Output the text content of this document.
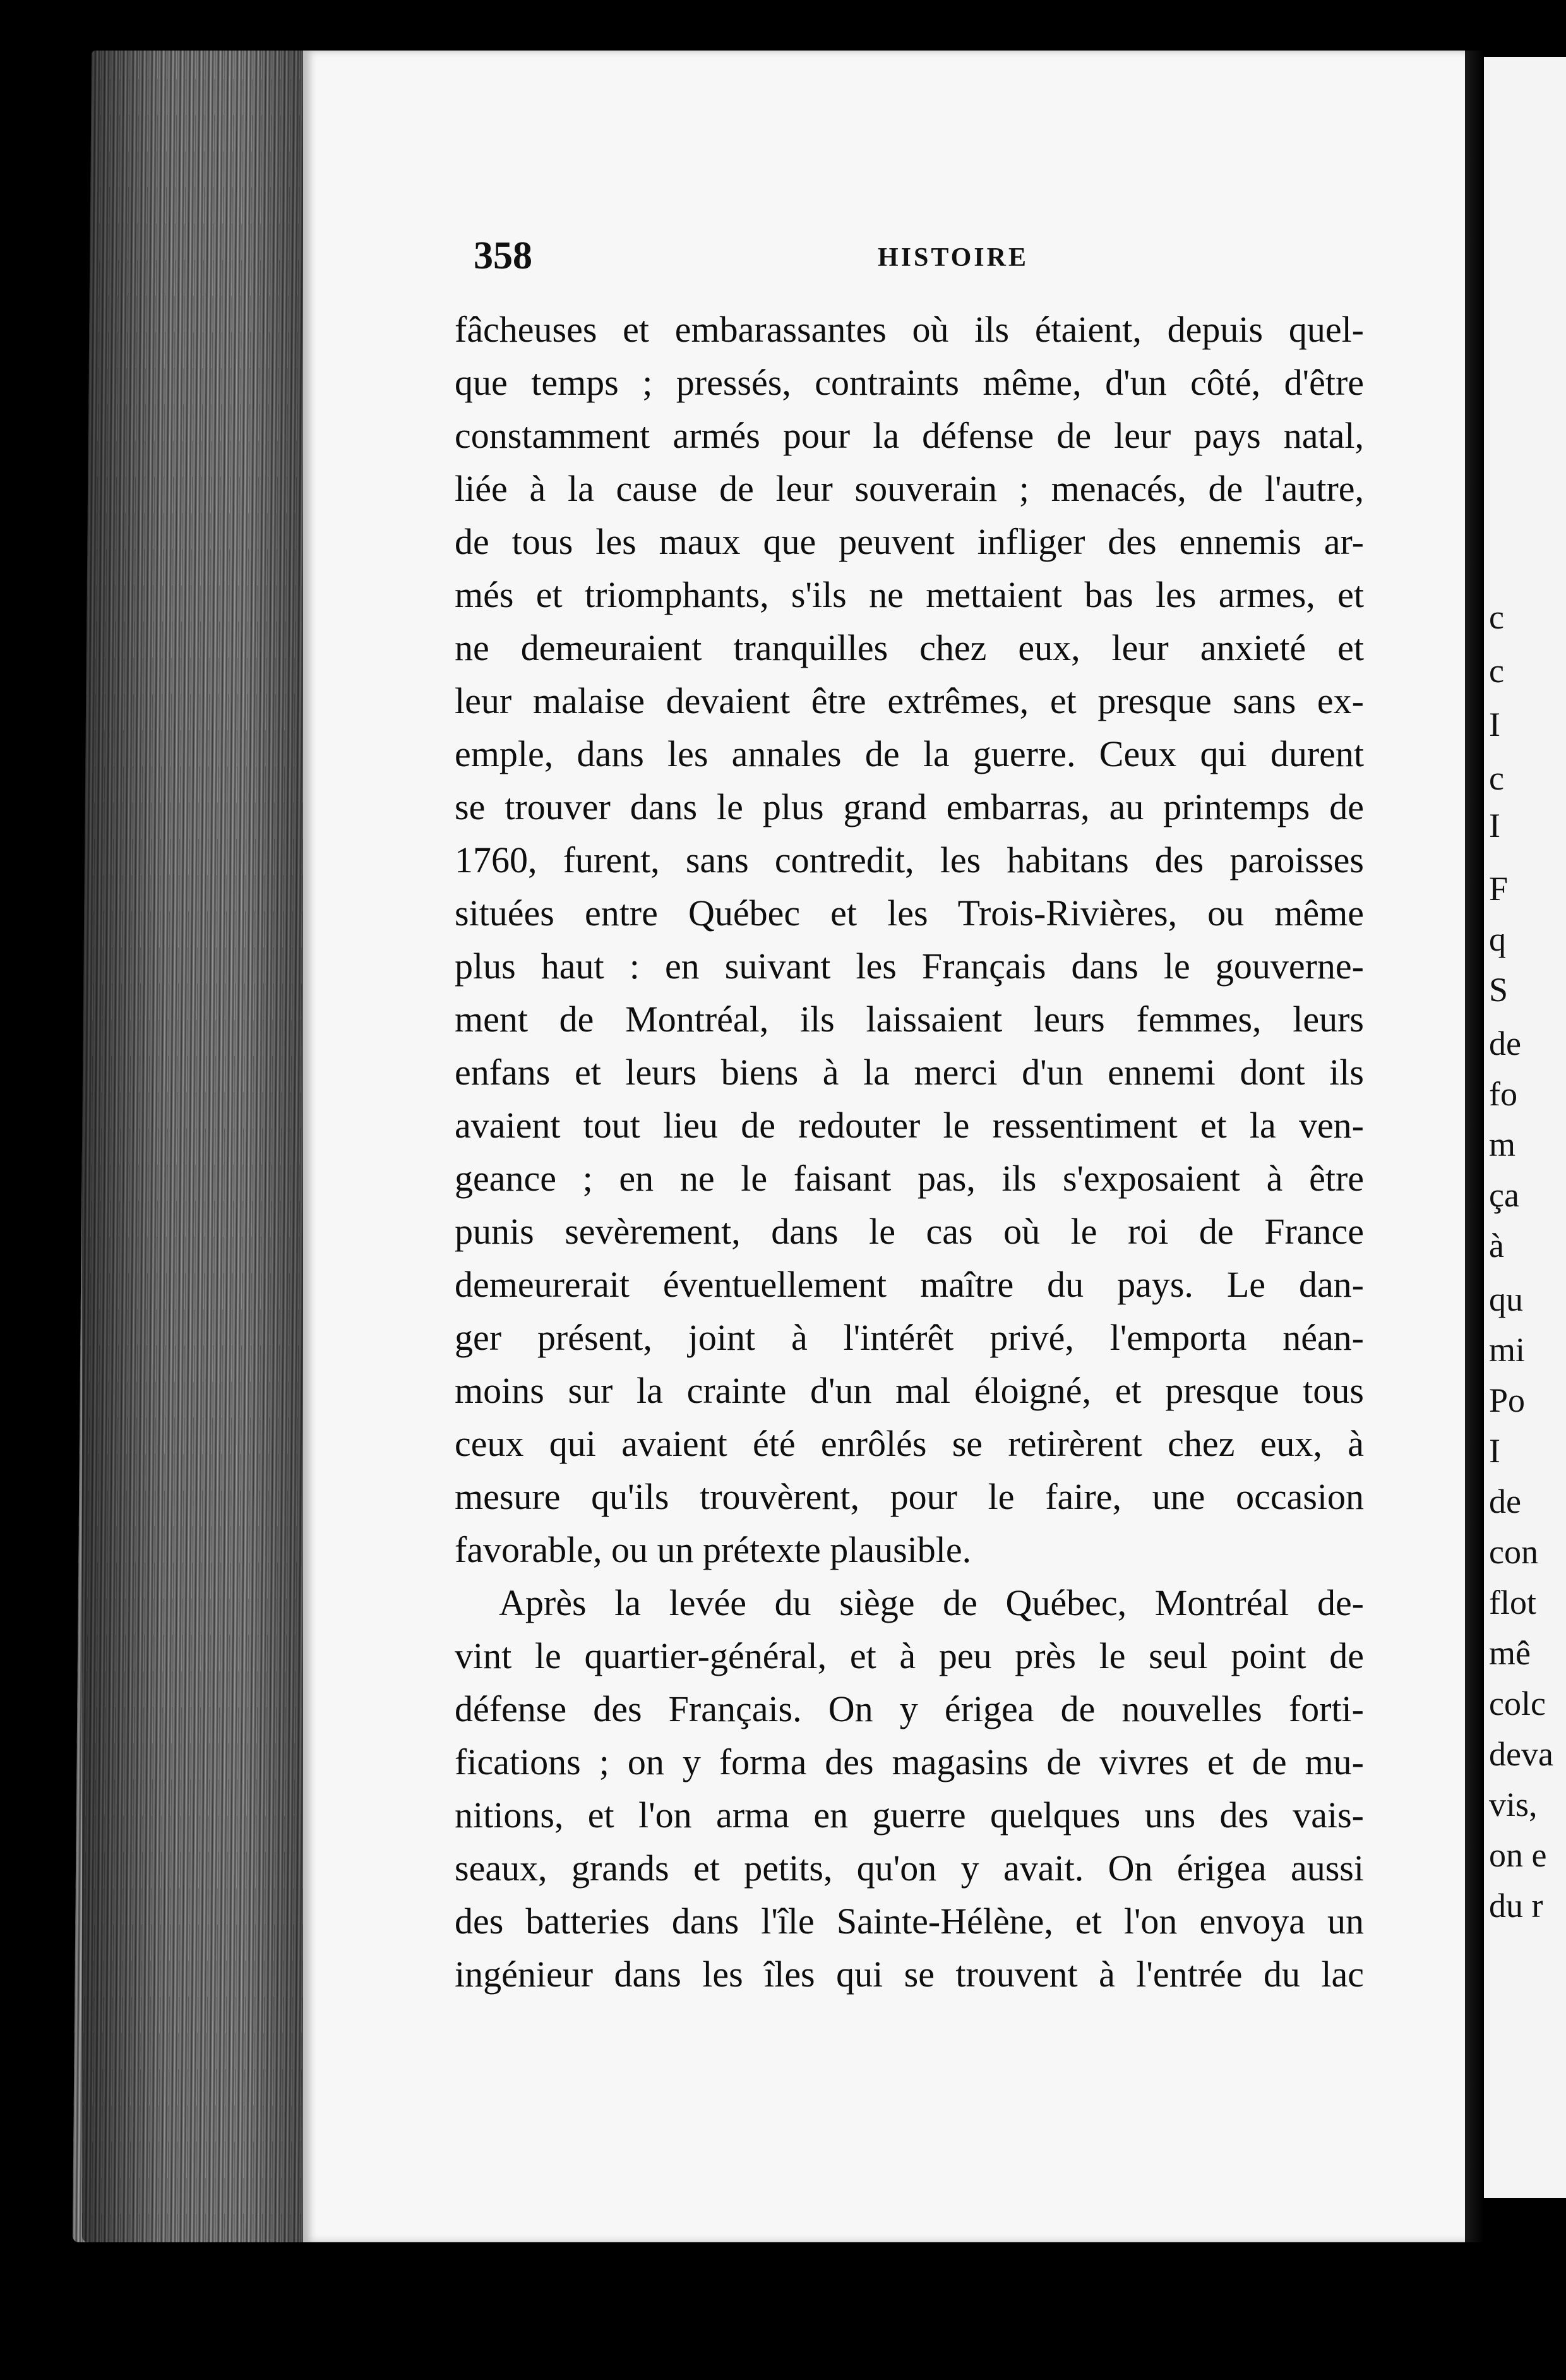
358	HISTOIRE
fâcheuses et embarassantes où ils étaient, depuis quel-
que temps ; pressés, contraints même, d'un côté, d'être
constamment armés pour la défense de leur pays natal,
liée à la cause de leur souverain ; menacés, de l'autre,
de tous les maux que peuvent infliger des ennemis ar-
més et triomphants, s'ils ne mettaient bas les armes, et
ne demeuraient tranquilles chez eux, leur anxieté et
leur malaise devaient être extrêmes, et presque sans ex-
emple, dans les annales de la guerre. Ceux qui durent
se trouver dans le plus grand embarras, au printemps de
1760, furent, sans contredit, les habitans des paroisses
situées entre Québec et les Trois-Rivières, ou même
plus haut : en suivant les Français dans le gouverne-
ment de Montréal, ils laissaient leurs femmes, leurs
enfans et leurs biens à la merci d'un ennemi dont ils
avaient tout lieu de redouter le ressentiment et la ven-
geance ; en ne le faisant pas, ils s'exposaient à être
punis sevèrement, dans le cas où le roi de France
demeurerait éventuellement maître du pays. Le dan-
ger présent, joint à l'intérêt privé, l'emporta néan-
moins sur la crainte d'un mal éloigné, et presque tous
ceux qui avaient été enrôlés se retirèrent chez eux, à
mesure qu'ils trouvèrent, pour le faire, une occasion
favorable, ou un prétexte plausible.
Après la levée du siège de Québec, Montréal de-
vint le quartier-général, et à peu près le seul point de
défense des Français. On y érigea de nouvelles forti-
fications ; on y forma des magasins de vivres et de mu-
nitions, et l'on arma en guerre quelques uns des vais-
seaux, grands et petits, qu'on y avait. On érigea aussi
des batteries dans l'île Sainte-Hélène, et l'on envoya un
ingénieur dans les îles qui se trouvent à l'entrée du lac
c
c
I
c
I
F
q
S
de
fo
m
ça
à
qu
mi
Po
I
de
con
flot
mê
colc
deva
vis,
on e
du r
